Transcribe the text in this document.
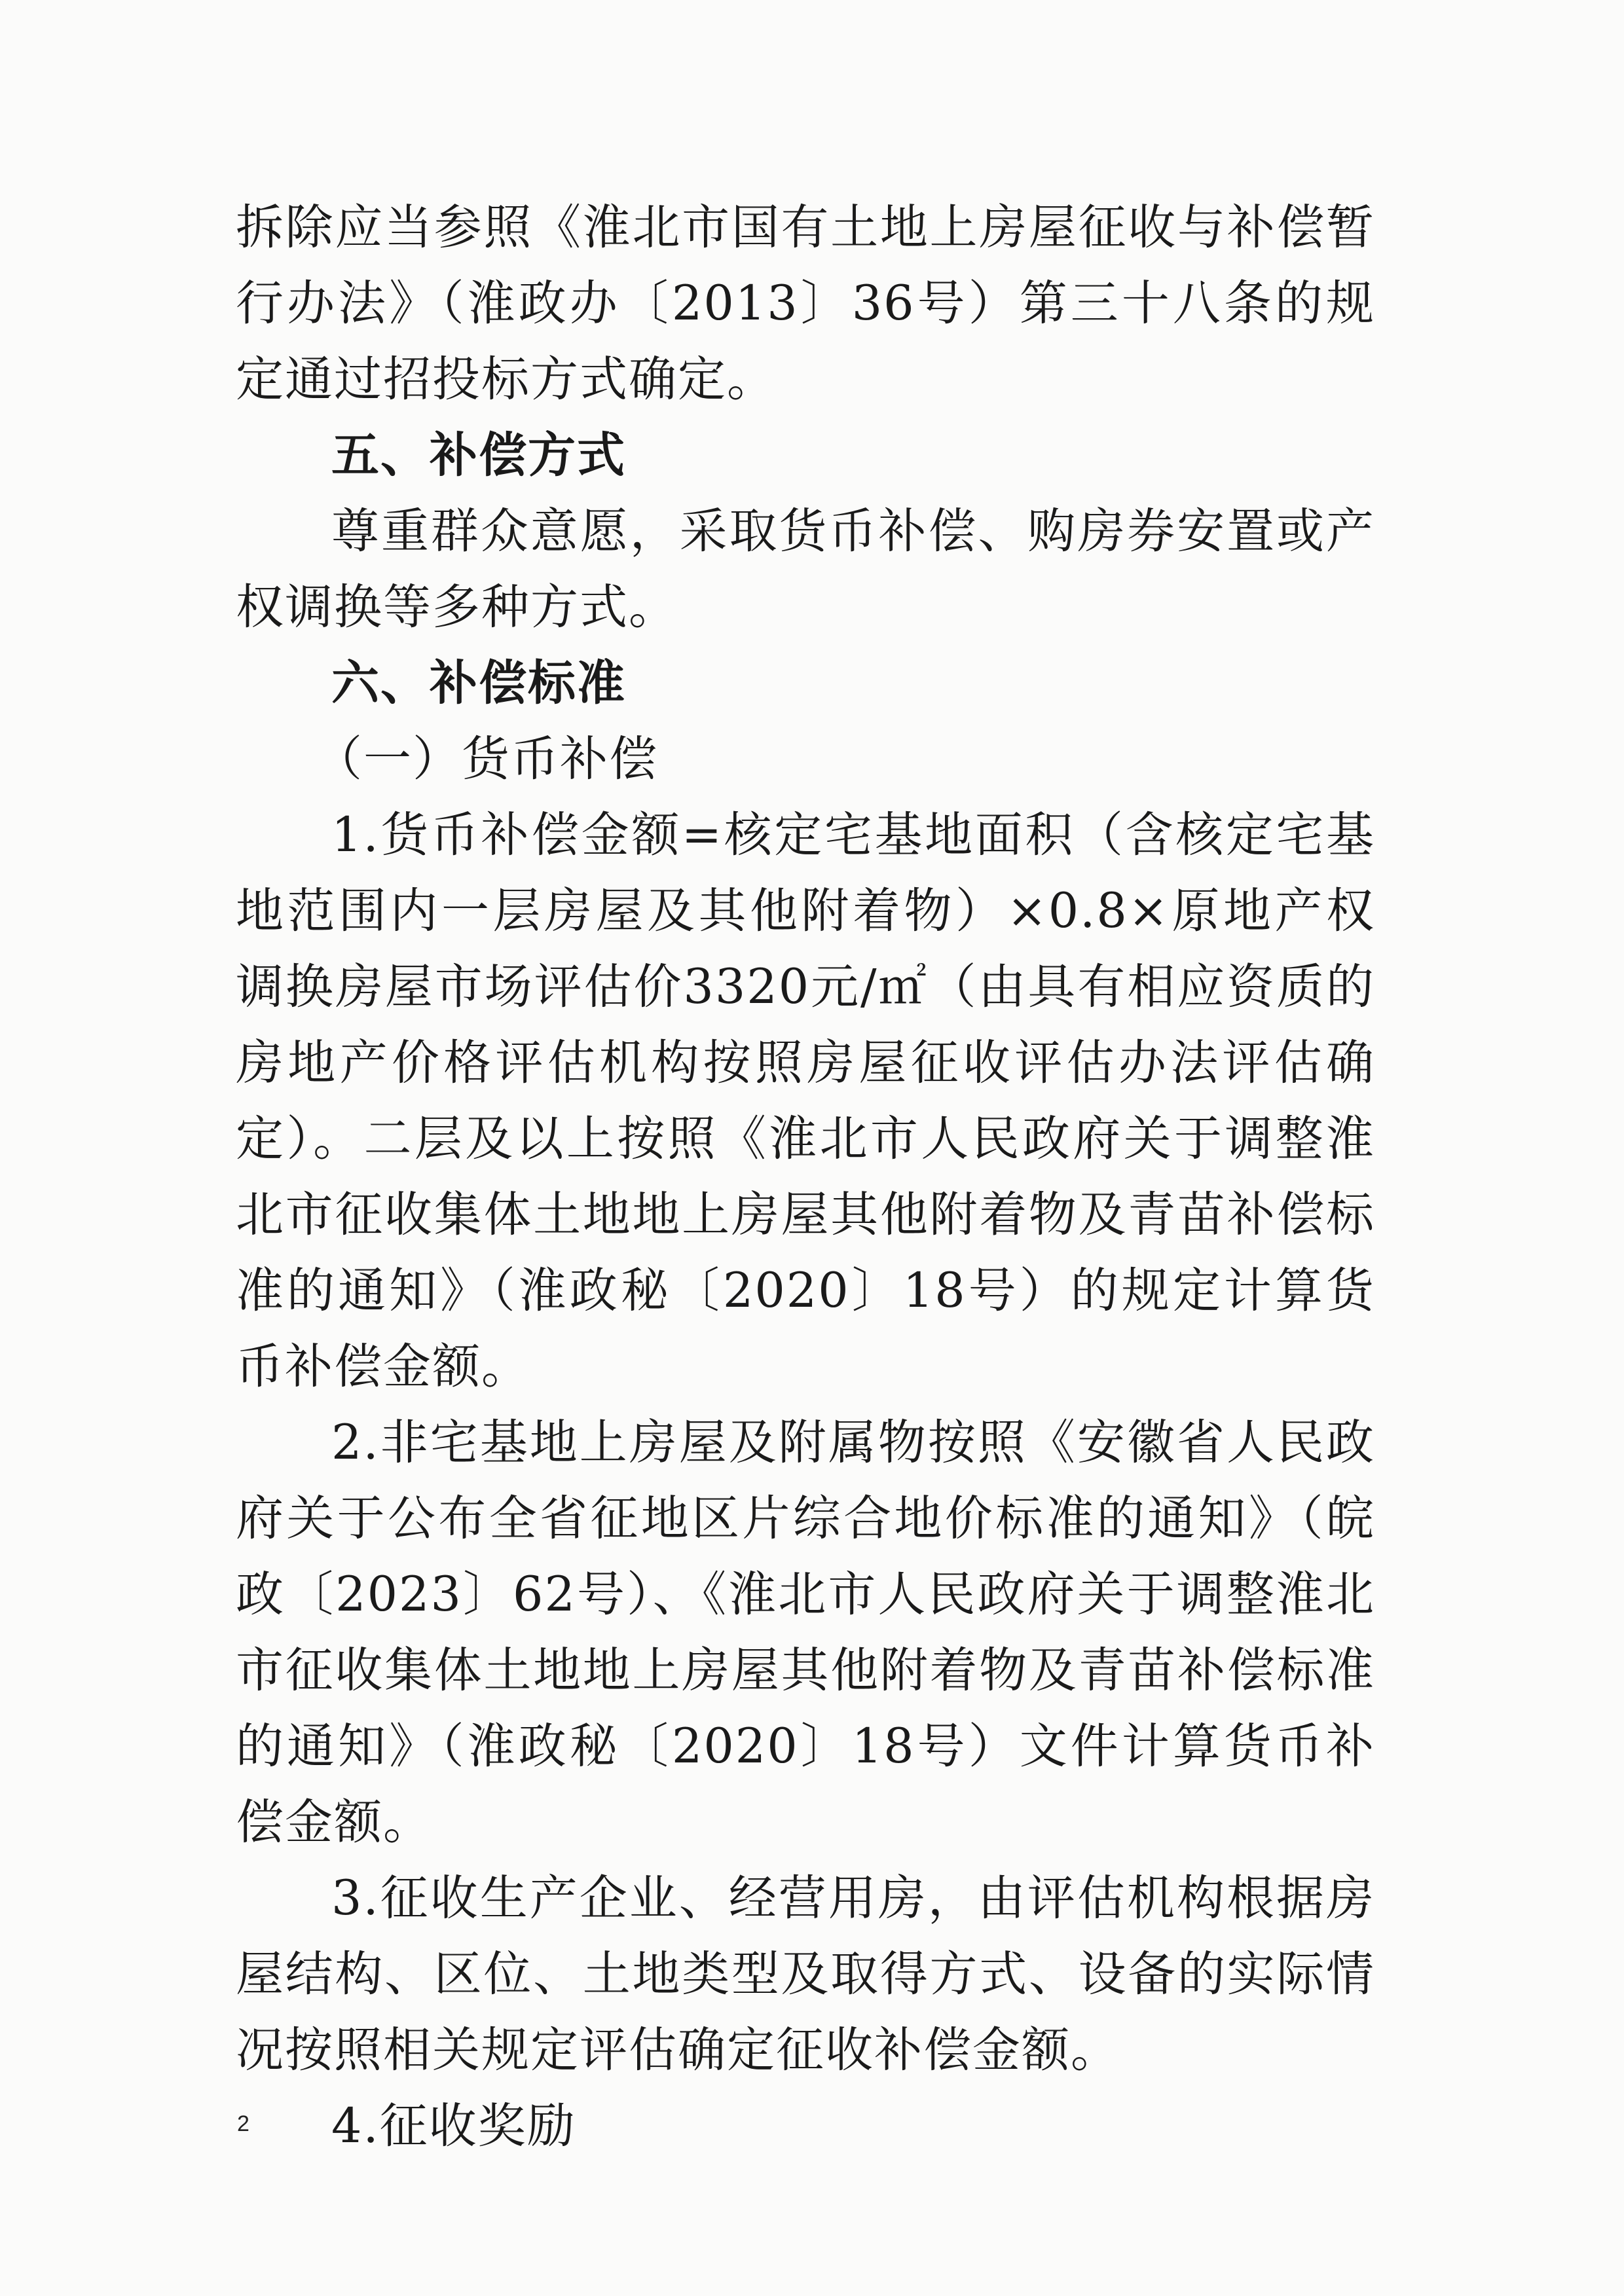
拆除应当参照《淮北市国有土地上房屋征收与补偿暂行办法》（淮政办〔2013〕36号）第三十八条的规定通过招投标方式确定。

五、补偿方式

尊重群众意愿，采取货币补偿、购房券安置或产权调换等多种方式。

六、补偿标准

（一）货币补偿

1.货币补偿金额=核定宅基地面积（含核定宅基地范围内一层房屋及其他附着物）×0.8×原地产权调换房屋市场评估价3320元/㎡（由具有相应资质的房地产价格评估机构按照房屋征收评估办法评估确定）。二层及以上按照《淮北市人民政府关于调整淮北市征收集体土地地上房屋其他附着物及青苗补偿标准的通知》（淮政秘〔2020〕18号）的规定计算货币补偿金额。

2.非宅基地上房屋及附属物按照《安徽省人民政府关于公布全省征地区片综合地价标准的通知》（皖政〔2023〕62号）、《淮北市人民政府关于调整淮北市征收集体土地地上房屋其他附着物及青苗补偿标准的通知》（淮政秘〔2020〕18号）文件计算货币补偿金额。

3.征收生产企业、经营用房，由评估机构根据房屋结构、区位、土地类型及取得方式、设备的实际情况按照相关规定评估确定征收补偿金额。

4.征收奖励

2
